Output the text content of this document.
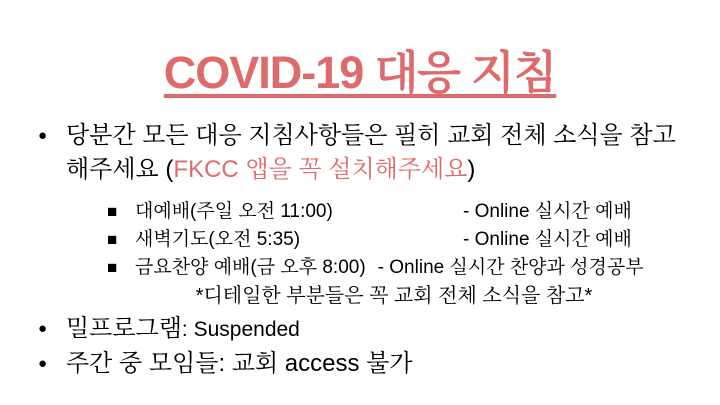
COVID-19 대응 지침
● 당분간 모든 대응 지침사항들은 필히 교회 전체 소식을 참고
해주세요 (FKCC 앱을 꼭 설치해주세요)
■ 대예배(주일 오전 11:00)	- Online 실시간 예배
■ 새벽기도(오전 5:35)	- Online 실시간 예배
■ 금요찬양 예배(금 오후 8:00) - Online 실시간 찬양과 성경공부
*디테일한 부분들은 꼭 교회 전체 소식을 참고*
● 밀프로그램: Suspended
● 주간 중 모임들: 교회 access 불가
